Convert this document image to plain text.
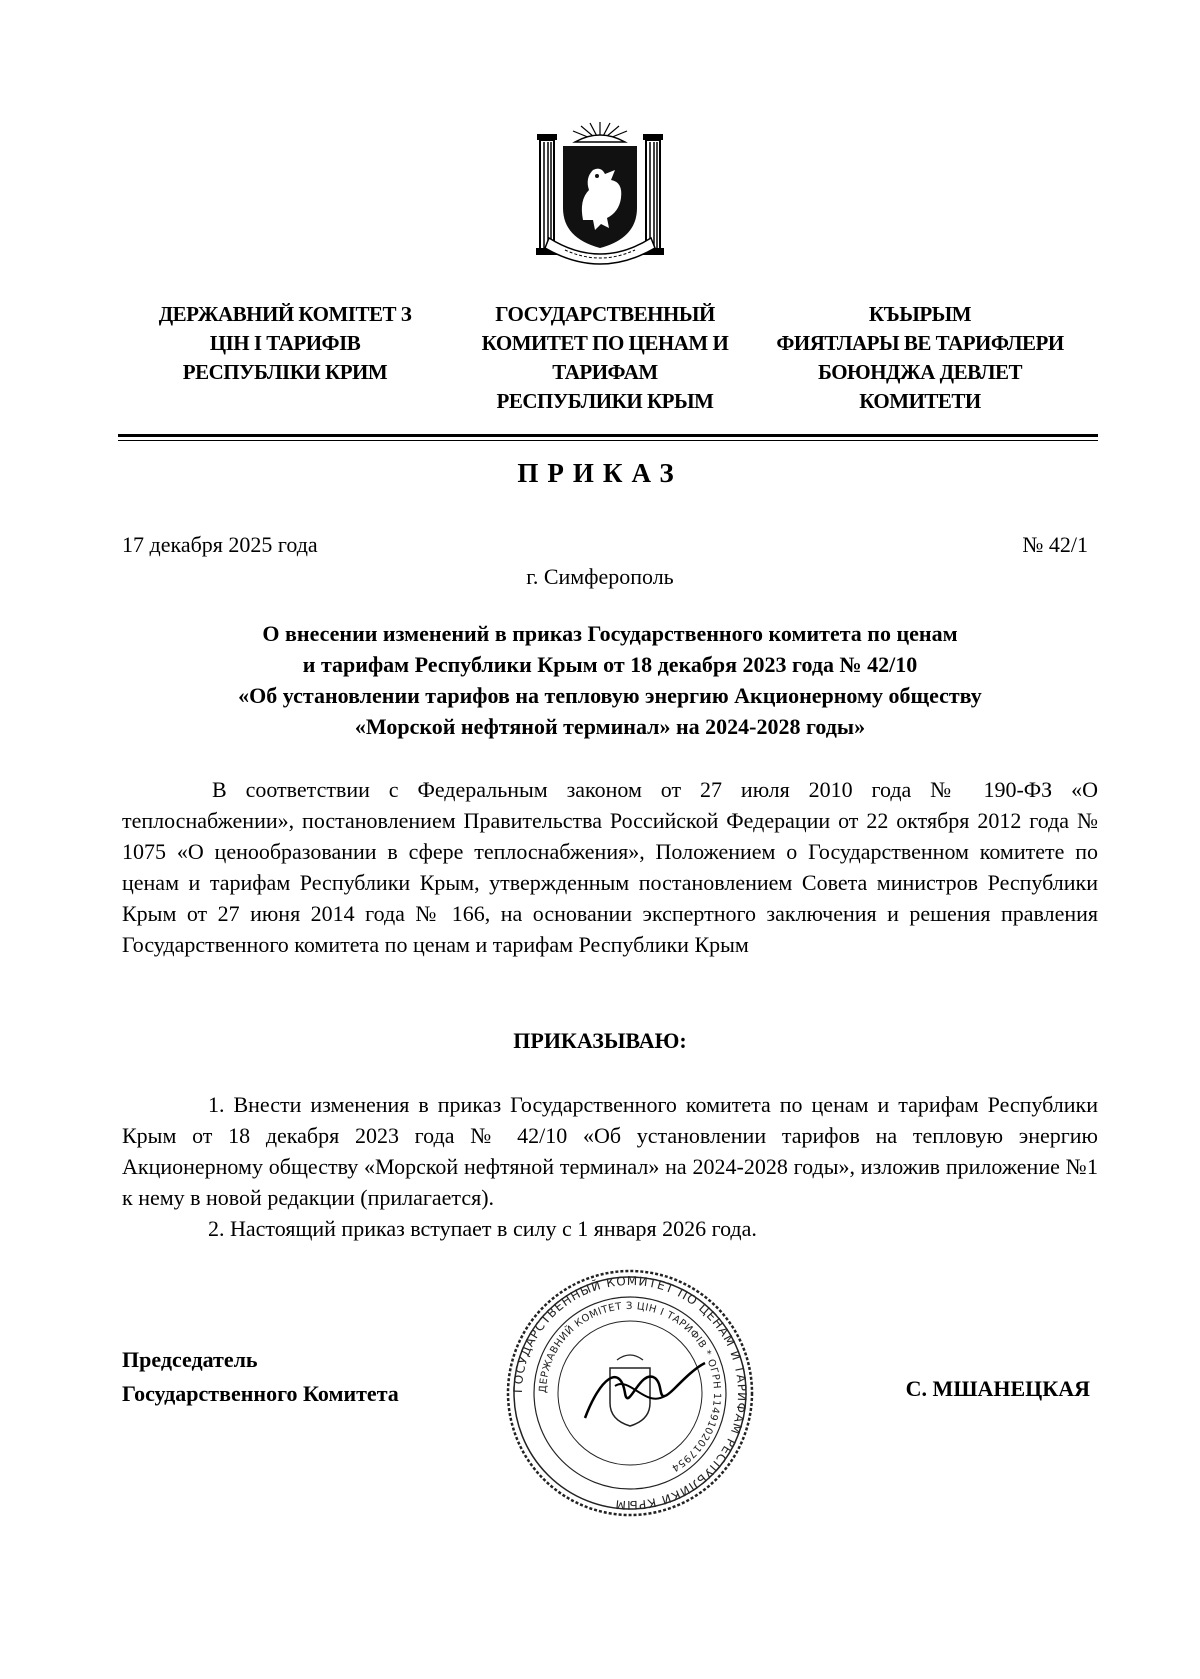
ДЕРЖАВНИЙ КОМІТЕТ З
ЦІН І ТАРИФІВ
РЕСПУБЛІКИ КРИМ
ГОСУДАРСТВЕННЫЙ
КОМИТЕТ ПО ЦЕНАМ И
ТАРИФАМ
РЕСПУБЛИКИ КРЫМ
КЪЫРЫМ
ФИЯТЛАРЫ ВЕ ТАРИФЛЕРИ
БОЮНДЖА ДЕВЛЕТ
КОМИТЕТИ
ПРИКАЗ
17 декабря 2025 года	№ 42/1
г. Симферополь
О внесении изменений в приказ Государственного комитета по ценам
и тарифам Республики Крым от 18 декабря 2023 года № 42/10
«Об установлении тарифов на тепловую энергию Акционерному обществу
«Морской нефтяной терминал» на 2024-2028 годы»

В соответствии с Федеральным законом от 27 июля 2010 года № 190-ФЗ «О теплоснабжении», постановлением Правительства Российской Федерации от 22 октября 2012 года № 1075 «О ценообразовании в сфере теплоснабжения», Положением о Государственном комитете по ценам и тарифам Республики Крым, утвержденным постановлением Совета министров Республики Крым от 27 июня 2014 года № 166, на основании экспертного заключения и решения правления Государственного комитета по ценам и тарифам Республики Крым

ПРИКАЗЫВАЮ:

1. Внести изменения в приказ Государственного комитета по ценам и тарифам Республики Крым от 18 декабря 2023 года № 42/10 «Об установлении тарифов на тепловую энергию Акционерному обществу «Морской нефтяной терминал» на 2024-2028 годы», изложив приложение №1 к нему в новой редакции (прилагается).

2. Настоящий приказ вступает в силу с 1 января 2026 года.

Председатель
Государственного Комитета	ГОСУДАРСТВЕННЫЙ КОМИТЕТ ПО ЦЕНАМ И ТАРИФАМ РЕСПУБЛИКИ КРЫМ
ДЕРЖАВНИЙ КОМІТЕТ З ЦІН І ТАРИФІВ * ОГРН 1149102017954
С. МШАНЕЦКАЯ
